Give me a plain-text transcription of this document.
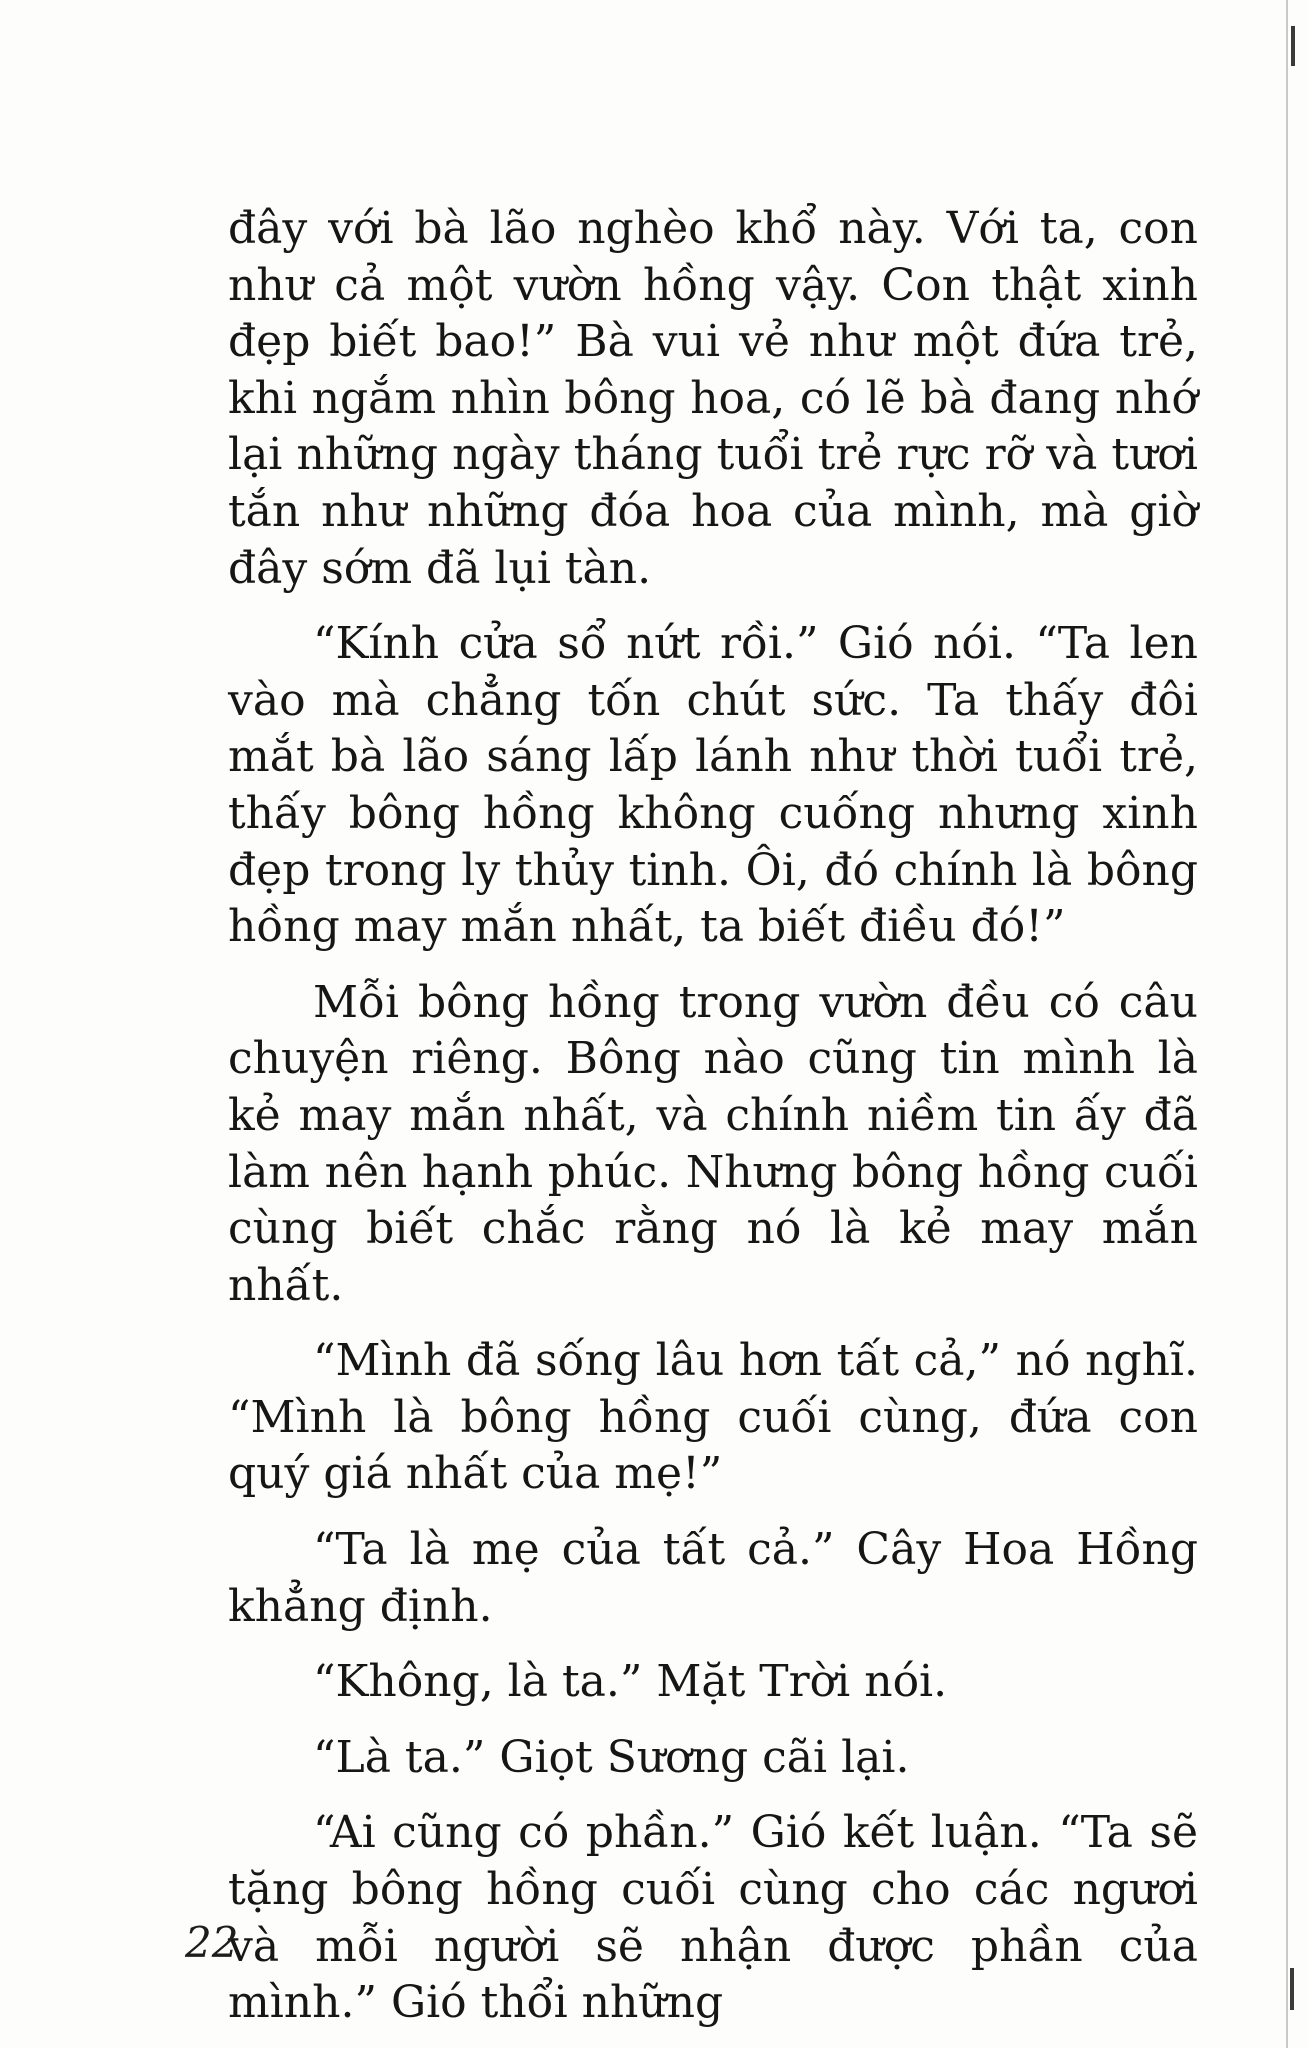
đây với bà lão nghèo khổ này. Với ta, con như cả một vườn hồng vậy. Con thật xinh đẹp biết bao!” Bà vui vẻ như một đứa trẻ, khi ngắm nhìn bông hoa, có lẽ bà đang nhớ lại những ngày tháng tuổi trẻ rực rỡ và tươi tắn như những đóa hoa của mình, mà giờ đây sớm đã lụi tàn.

“Kính cửa sổ nứt rồi.” Gió nói. “Ta len vào mà chẳng tốn chút sức. Ta thấy đôi mắt bà lão sáng lấp lánh như thời tuổi trẻ, thấy bông hồng không cuống nhưng xinh đẹp trong ly thủy tinh. Ôi, đó chính là bông hồng may mắn nhất, ta biết điều đó!”

Mỗi bông hồng trong vườn đều có câu chuyện riêng. Bông nào cũng tin mình là kẻ may mắn nhất, và chính niềm tin ấy đã làm nên hạnh phúc. Nhưng bông hồng cuối cùng biết chắc rằng nó là kẻ may mắn nhất.

“Mình đã sống lâu hơn tất cả,” nó nghĩ. “Mình là bông hồng cuối cùng, đứa con quý giá nhất của mẹ!”

“Ta là mẹ của tất cả.” Cây Hoa Hồng khẳng định.

“Không, là ta.” Mặt Trời nói.

“Là ta.” Giọt Sương cãi lại.

“Ai cũng có phần.” Gió kết luận. “Ta sẽ tặng bông hồng cuối cùng cho các ngươi và mỗi người sẽ nhận được phần của mình.” Gió thổi những

22
